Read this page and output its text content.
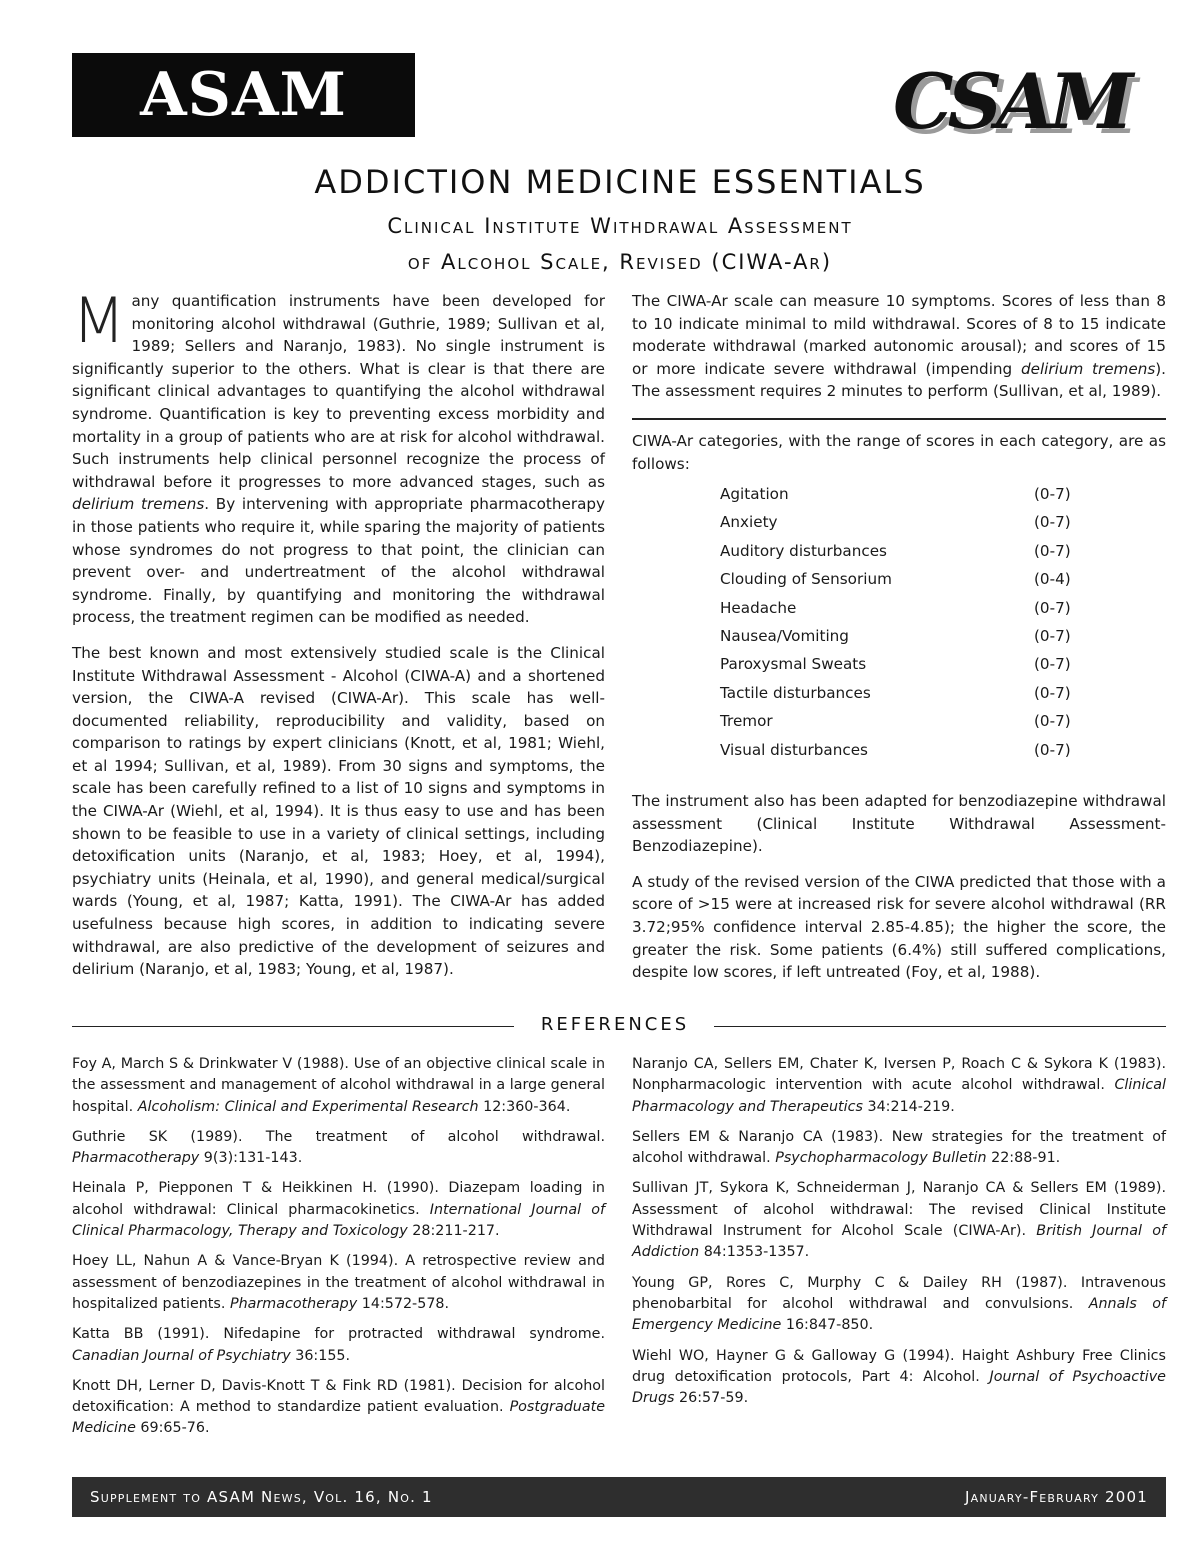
ASAM	CSAM
ADDICTION MEDICINE ESSENTIALS
Clinical Institute Withdrawal Assessment
of Alcohol Scale, Revised (CIWA-Ar)

Many quantification instruments have been developed for monitoring alcohol withdrawal (Guthrie, 1989; Sullivan et al, 1989; Sellers and Naranjo, 1983). No single instrument is significantly superior to the others. What is clear is that there are significant clinical advantages to quantifying the alcohol withdrawal syndrome. Quantification is key to preventing excess morbidity and mortality in a group of patients who are at risk for alcohol withdrawal. Such instruments help clinical personnel recognize the process of withdrawal before it progresses to more advanced stages, such as delirium tremens. By intervening with appropriate pharmacotherapy in those patients who require it, while sparing the majority of patients whose syndromes do not progress to that point, the clinician can prevent over- and undertreatment of the alcohol withdrawal syndrome. Finally, by quantifying and monitoring the withdrawal process, the treatment regimen can be modified as needed.

The best known and most extensively studied scale is the Clinical Institute Withdrawal Assessment - Alcohol (CIWA-A) and a shortened version, the CIWA-A revised (CIWA-Ar). This scale has well-documented reliability, reproducibility and validity, based on comparison to ratings by expert clinicians (Knott, et al, 1981; Wiehl, et al 1994; Sullivan, et al, 1989). From 30 signs and symptoms, the scale has been carefully refined to a list of 10 signs and symptoms in the CIWA-Ar (Wiehl, et al, 1994). It is thus easy to use and has been shown to be feasible to use in a variety of clinical settings, including detoxification units (Naranjo, et al, 1983; Hoey, et al, 1994), psychiatry units (Heinala, et al, 1990), and general medical/surgical wards (Young, et al, 1987; Katta, 1991). The CIWA-Ar has added usefulness because high scores, in addition to indicating severe withdrawal, are also predictive of the development of seizures and delirium (Naranjo, et al, 1983; Young, et al, 1987).

The CIWA-Ar scale can measure 10 symptoms. Scores of less than 8 to 10 indicate minimal to mild withdrawal. Scores of 8 to 15 indicate moderate withdrawal (marked autonomic arousal); and scores of 15 or more indicate severe withdrawal (impending delirium tremens). The assessment requires 2 minutes to perform (Sullivan, et al, 1989).

CIWA-Ar categories, with the range of scores in each category, are as follows:

Agitation	(0-7)
Anxiety	(0-7)
Auditory disturbances	(0-7)
Clouding of Sensorium	(0-4)
Headache	(0-7)
Nausea/Vomiting	(0-7)
Paroxysmal Sweats	(0-7)
Tactile disturbances	(0-7)
Tremor	(0-7)
Visual disturbances	(0-7)

The instrument also has been adapted for benzodiazepine withdrawal assessment (Clinical Institute Withdrawal Assessment-Benzodiazepine).

A study of the revised version of the CIWA predicted that those with a score of >15 were at increased risk for severe alcohol withdrawal (RR 3.72;95% confidence interval 2.85-4.85); the higher the score, the greater the risk. Some patients (6.4%) still suffered complications, despite low scores, if left untreated (Foy, et al, 1988).

REFERENCES

Foy A, March S & Drinkwater V (1988). Use of an objective clinical scale in the assessment and management of alcohol withdrawal in a large general hospital. Alcoholism: Clinical and Experimental Research 12:360-364.

Guthrie SK (1989). The treatment of alcohol withdrawal. Pharmacotherapy 9(3):131-143.

Heinala P, Piepponen T & Heikkinen H. (1990). Diazepam loading in alcohol withdrawal: Clinical pharmacokinetics. International Journal of Clinical Pharmacology, Therapy and Toxicology 28:211-217.

Hoey LL, Nahun A & Vance-Bryan K (1994). A retrospective review and assessment of benzodiazepines in the treatment of alcohol withdrawal in hospitalized patients. Pharmacotherapy 14:572-578.

Katta BB (1991). Nifedapine for protracted withdrawal syndrome. Canadian Journal of Psychiatry 36:155.

Knott DH, Lerner D, Davis-Knott T & Fink RD (1981). Decision for alcohol detoxification: A method to standardize patient evaluation. Postgraduate Medicine 69:65-76.

Naranjo CA, Sellers EM, Chater K, Iversen P, Roach C & Sykora K (1983). Nonpharmacologic intervention with acute alcohol withdrawal. Clinical Pharmacology and Therapeutics 34:214-219.

Sellers EM & Naranjo CA (1983). New strategies for the treatment of alcohol withdrawal. Psychopharmacology Bulletin 22:88-91.

Sullivan JT, Sykora K, Schneiderman J, Naranjo CA & Sellers EM (1989). Assessment of alcohol withdrawal: The revised Clinical Institute Withdrawal Instrument for Alcohol Scale (CIWA-Ar). British Journal of Addiction 84:1353-1357.

Young GP, Rores C, Murphy C & Dailey RH (1987). Intravenous phenobarbital for alcohol withdrawal and convulsions. Annals of Emergency Medicine 16:847-850.

Wiehl WO, Hayner G & Galloway G (1994). Haight Ashbury Free Clinics drug detoxification protocols, Part 4: Alcohol. Journal of Psychoactive Drugs 26:57-59.

Supplement to ASAM News, Vol. 16, No. 1	January-February 2001
